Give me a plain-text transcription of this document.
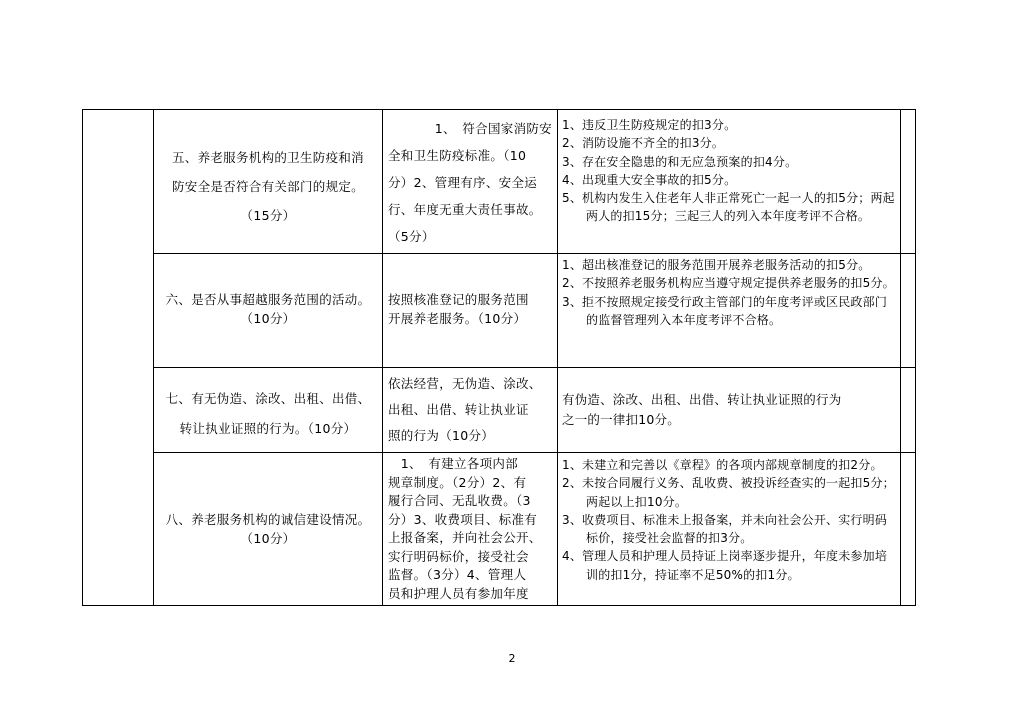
五、养老服务机构的卫生防疫和消
防安全是否符合有关部门的规定。
（15分）
1、　符合国家消防安
全和卫生防疫标准。（10
分）2、管理有序、安全运
行、年度无重大责任事故。
（5分）
1、违反卫生防疫规定的扣3分。
2、消防设施不齐全的扣3分。
3、存在安全隐患的和无应急预案的扣4分。
4、出现重大安全事故的扣5分。
5、机构内发生入住老年人非正常死亡一起一人的扣5分；两起两人的扣15分；三起三人的列入本年度考评不合格。
六、是否从事超越服务范围的活动。
（10分）
按照核准登记的服务范围
开展养老服务。（10分）
1、超出核准登记的服务范围开展养老服务活动的扣5分。
2、不按照养老服务机构应当遵守规定提供养老服务的扣5分。
3、拒不按照规定接受行政主管部门的年度考评或区民政部门的监督管理列入本年度考评不合格。
七、有无伪造、涂改、出租、出借、
转让执业证照的行为。（10分）
依法经营，无伪造、涂改、
出租、出借、转让执业证
照的行为（10分）
有伪造、涂改、出租、出借、转让执业证照的行为
之一的一律扣10分。
八、养老服务机构的诚信建设情况。
（10分）
　1、　有建立各项内部
规章制度。（2分）2、有
履行合同、无乱收费。（3
分）3、收费项目、标准有
上报备案，并向社会公开、
实行明码标价，接受社会
监督。（3分）4、管理人
员和护理人员有参加年度
1、未建立和完善以《章程》的各项内部规章制度的扣2分。
2、未按合同履行义务、乱收费、被投诉经查实的一起扣5分；两起以上扣10分。
3、收费项目、标准未上报备案，并未向社会公开、实行明码标价，接受社会监督的扣3分。
4、管理人员和护理人员持证上岗率逐步提升，年度未参加培训的扣1分，持证率不足50%的扣1分。
2
